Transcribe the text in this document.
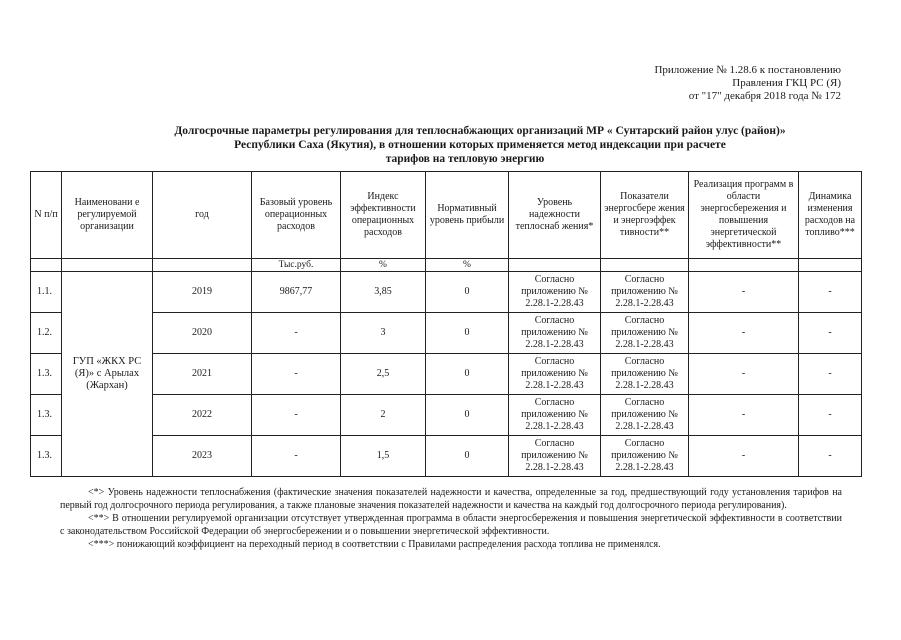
Приложение № 1.28.6 к постановлению
Правления ГКЦ РС (Я)
от "17" декабря 2018 года № 172
Долгосрочные параметры регулирования для теплоснабжающих организаций МР « Сунтарский район улус (район)»
Республики Саха (Якутия), в отношении которых применяется метод индексации при расчете
тарифов на тепловую энергию
N п/п	Наименовани е регулируемой организации	год	Базовый уровень операционных расходов	Индекс эффективности операционных расходов	Нормативный уровень прибыли	Уровень надежности теплоснаб жения*	Показатели энергосбере жения и энергоэффек тивности**	Реализация программ в области энергосбережения и повышения энергетической эффективности**	Динамика изменения расходов на топливо***
			Тыс.руб.	%	%				
1.1.	ГУП «ЖКХ РС (Я)» с Арылах (Жархан)	2019	9867,77	3,85	0	Согласно приложению № 2.28.1-2.28.43	Согласно приложению № 2.28.1-2.28.43	-	-
1.2.		2020	-	3	0	Согласно приложению № 2.28.1-2.28.43	Согласно приложению № 2.28.1-2.28.43	-	-
1.3.		2021	-	2,5	0	Согласно приложению № 2.28.1-2.28.43	Согласно приложению № 2.28.1-2.28.43	-	-
1.3.		2022	-	2	0	Согласно приложению № 2.28.1-2.28.43	Согласно приложению № 2.28.1-2.28.43	-	-
1.3.		2023	-	1,5	0	Согласно приложению № 2.28.1-2.28.43	Согласно приложению № 2.28.1-2.28.43	-	-

<*> Уровень надежности теплоснабжения (фактические значения показателей надежности и качества, определенные за год, предшествующий году установления тарифов на первый год долгосрочного периода регулирования, а также плановые значения показателей надежности и качества на каждый год долгосрочного периода регулирования).

<**> В отношении регулируемой организации отсутствует утвержденная программа в области энергосбережения и повышения энергетической эффективности в соответствии с законодательством Российской Федерации об энергосбережении и о повышении энергетической эффективности.

<***> понижающий коэффициент на переходный период в соответствии с Правилами распределения расхода топлива не применялся.
